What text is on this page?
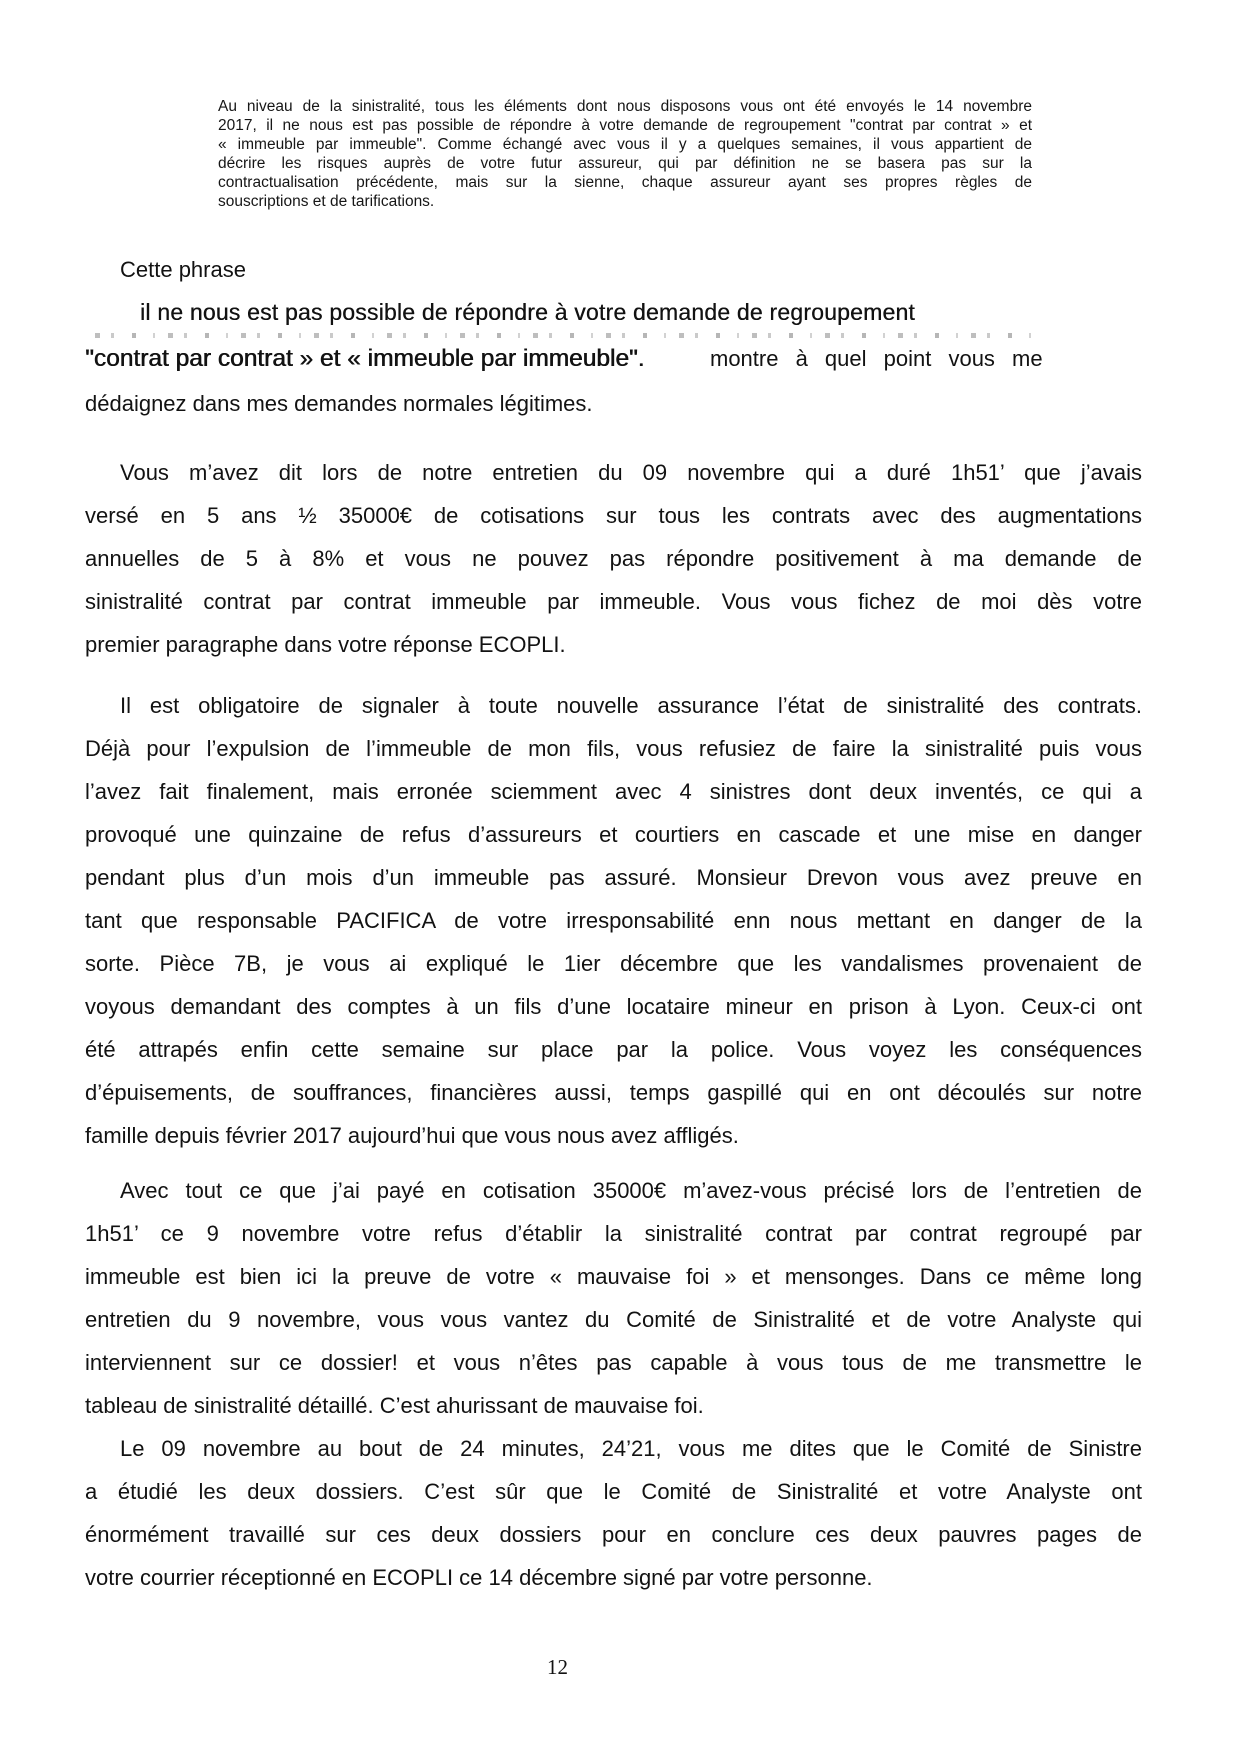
Au niveau de la sinistralité, tous les éléments dont nous disposons vous ont été envoyés le 14 novembre
2017, il ne nous est pas possible de répondre à votre demande de regroupement "contrat par contrat » et
« immeuble par immeuble". Comme échangé avec vous il y a quelques semaines, il vous appartient de
décrire les risques auprès de votre futur assureur, qui par définition ne se basera pas sur la
contractualisation précédente, mais sur la sienne, chaque assureur ayant ses propres règles de
souscriptions et de tarifications.
Cette phrase
il ne nous est pas possible de répondre à votre demande de regroupement
"contrat par contrat » et « immeuble par immeuble".	montre à quel point vous me
dédaignez dans mes demandes normales légitimes.
Vous m’avez dit lors de notre entretien du 09 novembre qui a duré 1h51’ que j’avais
versé en 5 ans ½ 35000€ de cotisations sur tous les contrats avec des augmentations
annuelles de 5 à 8% et vous ne pouvez pas répondre positivement à ma demande de
sinistralité contrat par contrat immeuble par immeuble. Vous vous fichez de moi dès votre
premier paragraphe dans votre réponse ECOPLI.
Il est obligatoire de signaler à toute nouvelle assurance l’état de sinistralité des contrats.
Déjà pour l’expulsion de l’immeuble de mon fils, vous refusiez de faire la sinistralité puis vous
l’avez fait finalement, mais erronée sciemment avec 4 sinistres dont deux inventés, ce qui a
provoqué une quinzaine de refus d’assureurs et courtiers en cascade et une mise en danger
pendant plus d’un mois d’un immeuble pas assuré. Monsieur Drevon vous avez preuve en
tant que responsable PACIFICA de votre irresponsabilité enn nous mettant en danger de la
sorte. Pièce 7B, je vous ai expliqué le 1ier décembre que les vandalismes provenaient de
voyous demandant des comptes à un fils d’une locataire mineur en prison à Lyon. Ceux-ci ont
été attrapés enfin cette semaine sur place par la police. Vous voyez les conséquences
d’épuisements, de souffrances, financières aussi, temps gaspillé qui en ont découlés sur notre
famille depuis février 2017 aujourd’hui que vous nous avez affligés.
Avec tout ce que j’ai payé en cotisation 35000€ m’avez-vous précisé lors de l’entretien de
1h51’ ce 9 novembre votre refus d’établir la sinistralité contrat par contrat regroupé par
immeuble est bien ici la preuve de votre « mauvaise foi » et mensonges. Dans ce même long
entretien du 9 novembre, vous vous vantez du Comité de Sinistralité et de votre Analyste qui
interviennent sur ce dossier! et vous n’êtes pas capable à vous tous de me transmettre le
tableau de sinistralité détaillé. C’est ahurissant de mauvaise foi.
Le 09 novembre au bout de 24 minutes, 24’21, vous me dites que le Comité de Sinistre
a étudié les deux dossiers. C’est sûr que le Comité de Sinistralité et votre Analyste ont
énormément travaillé sur ces deux dossiers pour en conclure ces deux pauvres pages de
votre courrier réceptionné en ECOPLI ce 14 décembre signé par votre personne.
12
